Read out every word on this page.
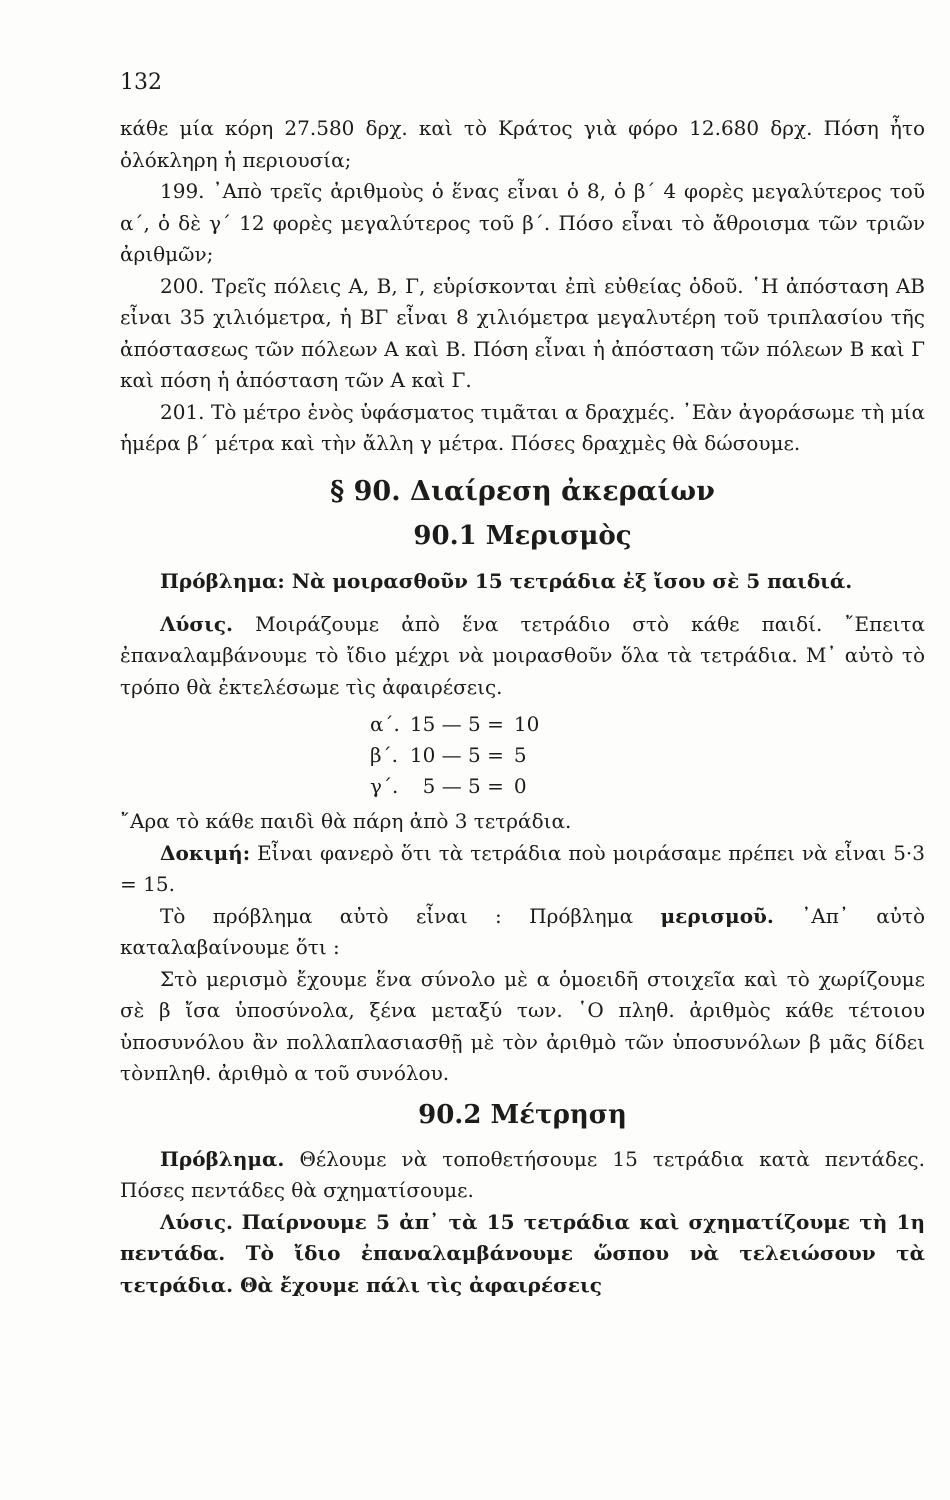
132

κάθε μία κόρη 27.580 δρχ. καὶ τὸ Κράτος γιὰ φόρο 12.680 δρχ. Πόση ἦτο ὁλόκληρη ἡ περιουσία;

199. ᾿Απὸ τρεῖς ἀριθμοὺς ὁ ἕνας εἶναι ὁ 8, ὁ β΄ 4 φορὲς μεγαλύτερος τοῦ α΄, ὁ δὲ γ΄ 12 φορὲς μεγαλύτερος τοῦ β΄. Πόσο εἶναι τὸ ἄθροισμα τῶν τριῶν ἀριθμῶν;

200. Τρεῖς πόλεις Α, Β, Γ, εὑρίσκονται ἐπὶ εὐθείας ὁδοῦ. ῾Η ἀπόσταση ΑΒ εἶναι 35 χιλιόμετρα, ἡ ΒΓ εἶναι 8 χιλιόμετρα μεγαλυτέρη τοῦ τριπλασίου τῆς ἀπόστασεως τῶν πόλεων Α καὶ Β. Πόση εἶναι ἡ ἀπόσταση τῶν πόλεων Β καὶ Γ καὶ πόση ἡ ἀπόσταση τῶν Α καὶ Γ.

201. Τὸ μέτρο ἑνὸς ὑφάσματος τιμᾶται α δραχμές. ᾿Εὰν ἀγοράσωμε τὴ μία ἡμέρα β΄ μέτρα καὶ τὴν ἄλλη γ μέτρα. Πόσες δραχμὲς θὰ δώσουμε.

§ 90. Διαίρεση ἀκεραίων
90.1 Μερισμὸς

Πρόβλημα: Νὰ μοιρασθοῦν 15 τετράδια ἐξ ἴσου σὲ 5 παιδιά.

Λύσις. Μοιράζουμε ἀπὸ ἕνα τετράδιο στὸ κάθε παιδί. ῎Επειτα ἐπαναλαμβάνουμε τὸ ἴδιο μέχρι νὰ μοιρασθοῦν ὅλα τὰ τετράδια. Μ᾿ αὐτὸ τὸ τρόπο θὰ ἐκτελέσωμε τὶς ἀφαιρέσεις.

α΄.	15 — 5 =	10
β΄.	10 — 5 =	5
γ΄.	5 — 5 =	0

῎Αρα τὸ κάθε παιδὶ θὰ πάρη ἀπὸ 3 τετράδια.

Δοκιμή: Εἶναι φανερὸ ὅτι τὰ τετράδια ποὺ μοιράσαμε πρέπει νὰ εἶναι 5·3 = 15.

Τὸ πρόβλημα αὐτὸ εἶναι : Πρόβλημα μερισμοῦ. ᾿Απ᾿ αὐτὸ καταλαβαίνουμε ὅτι :

Στὸ μερισμὸ ἔχουμε ἕνα σύνολο μὲ α ὁμοειδῆ στοιχεῖα καὶ τὸ χωρίζουμε σὲ β ἴσα ὑποσύνολα, ξένα μεταξύ των. ῾Ο πληθ. ἀριθμὸς κάθε τέτοιου ὑποσυνόλου ἂν πολλαπλασιασθῇ μὲ τὸν ἀριθμὸ τῶν ὑποσυνόλων β μᾶς δίδει τὸνπληθ. ἀριθμὸ α τοῦ συνόλου.

90.2 Μέτρηση

Πρόβλημα. Θέλουμε νὰ τοποθετήσουμε 15 τετράδια κατὰ πεντάδες. Πόσες πεντάδες θὰ σχηματίσουμε.

Λύσις. Παίρνουμε 5 ἀπ᾿ τὰ 15 τετράδια καὶ σχηματίζουμε τὴ 1η πεντάδα. Τὸ ἴδιο ἐπαναλαμβάνουμε ὥσπου νὰ τελειώσουν τὰ τετράδια. Θὰ ἔχουμε πάλι τὶς ἀφαιρέσεις
